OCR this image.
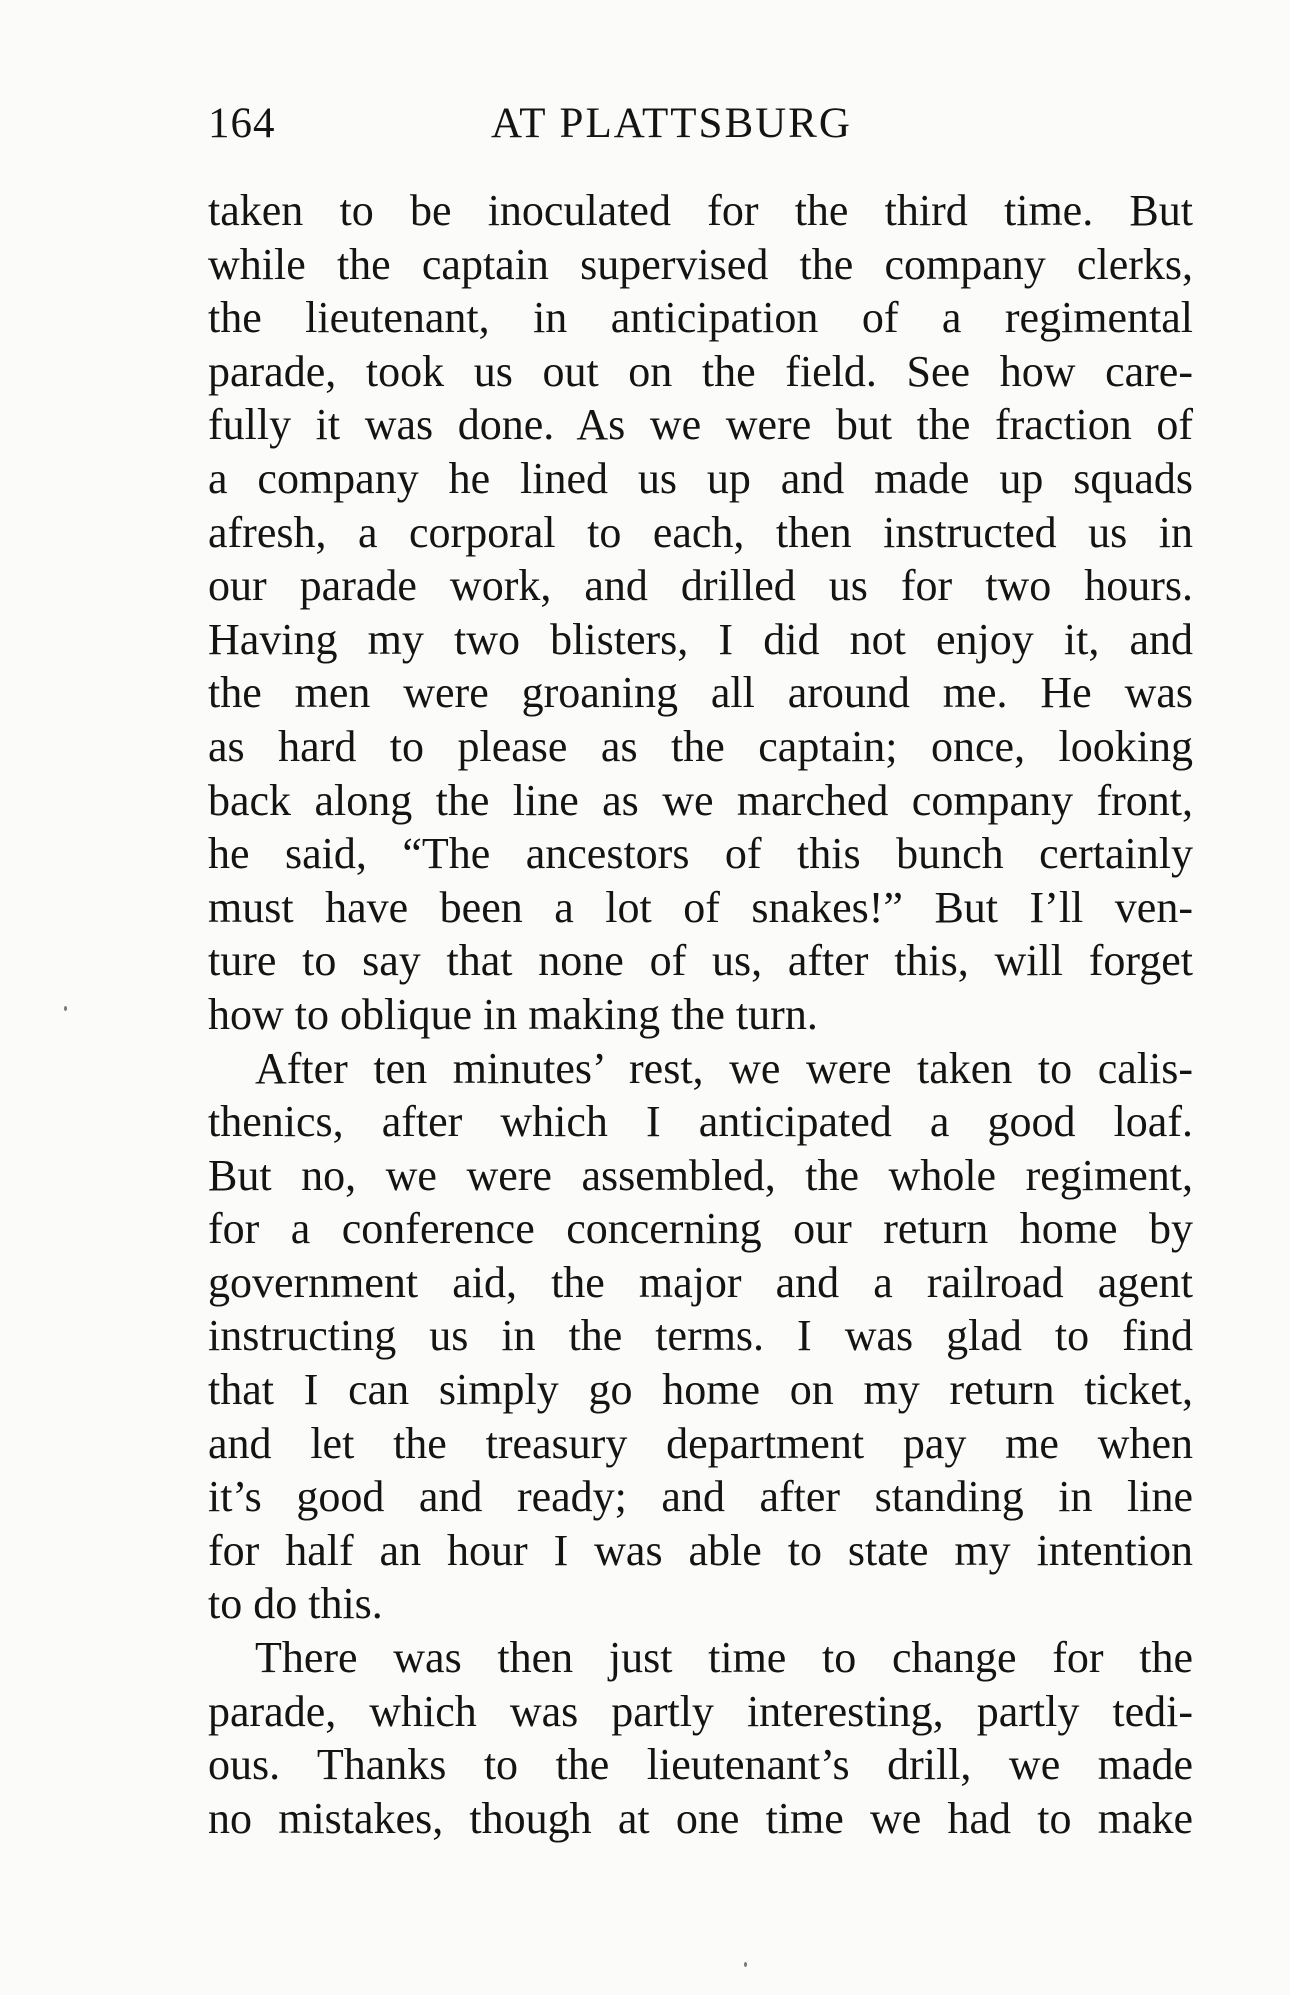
164	AT PLATTSBURG
taken to be inoculated for the third time. But
while the captain supervised the company clerks,
the lieutenant, in anticipation of a regimental
parade, took us out on the field. See how care-
fully it was done. As we were but the fraction of
a company he lined us up and made up squads
afresh, a corporal to each, then instructed us in
our parade work, and drilled us for two hours.
Having my two blisters, I did not enjoy it, and
the men were groaning all around me. He was
as hard to please as the captain; once, looking
back along the line as we marched company front,
he said, “The ancestors of this bunch certainly
must have been a lot of snakes!” But I’ll ven-
ture to say that none of us, after this, will forget
how to oblique in making the turn.
After ten minutes’ rest, we were taken to calis-
thenics, after which I anticipated a good loaf.
But no, we were assembled, the whole regiment,
for a conference concerning our return home by
government aid, the major and a railroad agent
instructing us in the terms. I was glad to find
that I can simply go home on my return ticket,
and let the treasury department pay me when
it’s good and ready; and after standing in line
for half an hour I was able to state my intention
to do this.
There was then just time to change for the
parade, which was partly interesting, partly tedi-
ous. Thanks to the lieutenant’s drill, we made
no mistakes, though at one time we had to make
